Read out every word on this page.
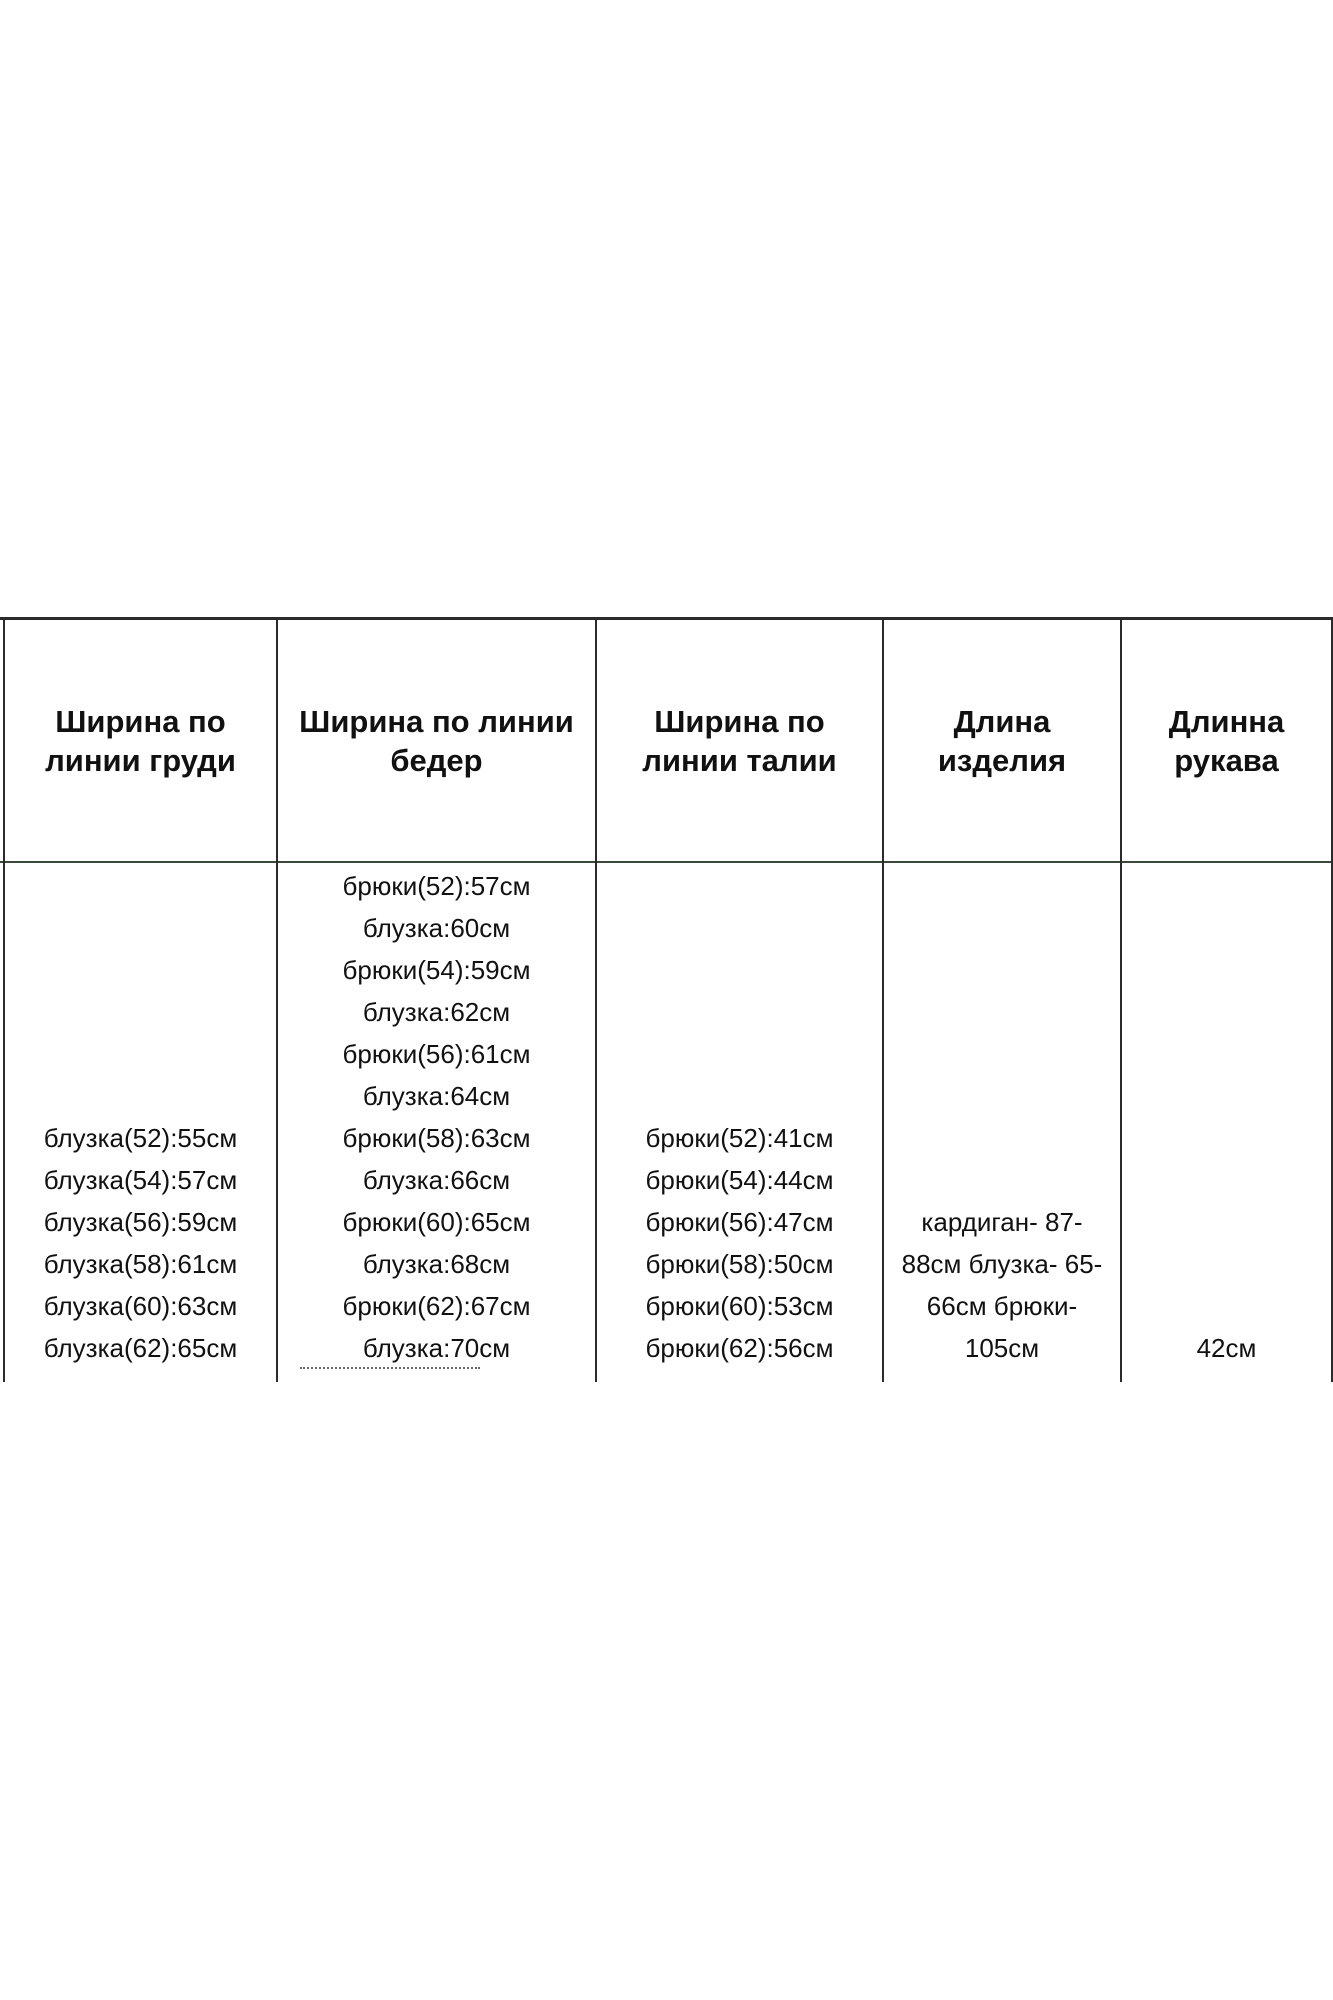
Ширина по
линии груди
Ширина по линии
бедер
Ширина по
линии талии
Длина
изделия
Длинна
рукава
блузка(52):55см
блузка(54):57см
блузка(56):59см
блузка(58):61см
блузка(60):63см
блузка(62):65см
брюки(52):57см
блузка:60см
брюки(54):59см
блузка:62см
брюки(56):61см
блузка:64см
брюки(58):63см
блузка:66см
брюки(60):65см
блузка:68см
брюки(62):67см
блузка:70см
брюки(52):41см
брюки(54):44см
брюки(56):47см
брюки(58):50см
брюки(60):53см
брюки(62):56см
кардиган- 87-
88см блузка- 65-
66см брюки-
105см	42см
